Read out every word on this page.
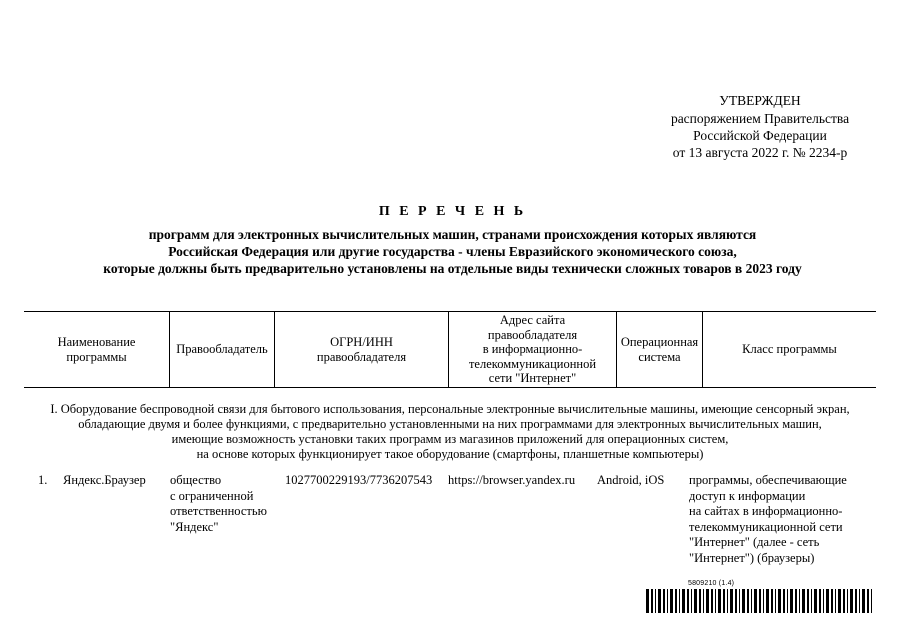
УТВЕРЖДЕН
распоряжением Правительства
Российской Федерации
от 13 августа 2022 г. № 2234-р
П Е Р Е Ч Е Н Ь
программ для электронных вычислительных машин, странами происхождения которых являются
Российская Федерация или другие государства - члены Евразийского экономического союза,
которые должны быть предварительно установлены на отдельные виды технически сложных товаров в 2023 году
Наименование
программы
Правообладатель
ОГРН/ИНН
правообладателя
Адрес сайта
правообладателя
в информационно-
телекоммуникационной
сети "Интернет"
Операционная
система
Класс программы
I. Оборудование беспроводной связи для бытового использования, персональные электронные вычислительные машины, имеющие сенсорный экран,
обладающие двумя и более функциями, с предварительно установленными на них программами для электронных вычислительных машин,
имеющие возможность установки таких программ из магазинов приложений для операционных систем,
на основе которых функционирует такое оборудование (смартфоны, планшетные компьютеры)
1. Яндекс.Браузер общество
с ограниченной
ответственностью
"Яндекс"
1027700229193/7736207543 https://browser.yandex.ru Android, iOS программы, обеспечивающие
доступ к информации
на сайтах в информационно-
телекоммуникационной сети
"Интернет" (далее - сеть
"Интернет") (браузеры)
5809210 (1.4)
